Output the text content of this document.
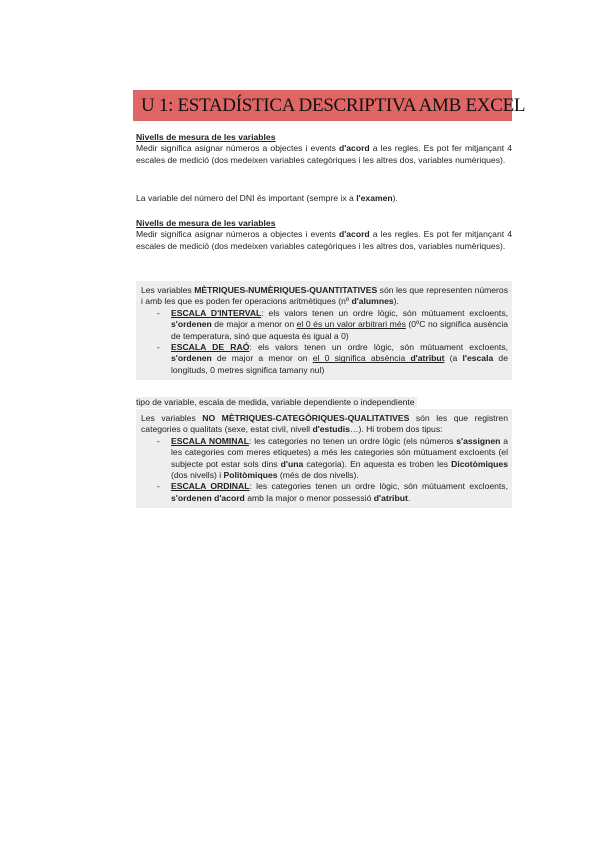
U 1: ESTADÍSTICA DESCRIPTIVA AMB EXCEL
Nivells de mesura de les variables
Medir significa asignar números a objectes i events d'acord a les regles. Es pot fer mitjançant 4 escales de medició (dos medeixen variables categòriques i les altres dos, variables numèriques).
La variable del número del DNI és important (sempre ix a l'examen).
Nivells de mesura de les variables
Medir significa asignar números a objectes i events d'acord a les regles. Es pot fer mitjançant 4 escales de medició (dos medeixen variables categòriques i les altres dos, variables numèriques).
Les variables MÈTRIQUES-NUMÈRIQUES-QUANTITATIVES són les que representen números i amb les que es poden fer operacions aritmètiques (nº d'alumnes).
- ESCALA D'INTERVAL: els valors tenen un ordre lògic, són mútuament excloents, s'ordenen de major a menor on el 0 és un valor arbitrari més (0ºC no significa ausència de temperatura, sinó que aquesta és igual a 0)
- ESCALA DE RAÓ: els valors tenen un ordre lògic, són mútuament excloents, s'ordenen de major a menor on el 0 significa absència d'atribut (a l'escala de longituds, 0 metres significa tamany nul)
tipo de variable, escala de medida, variable dependiente o independiente
Les variables NO MÈTRIQUES-CATEGÒRIQUES-QUALITATIVES són les que registren categories o qualitats (sexe, estat civil, nivell d'estudis…). Hi trobem dos tipus:
- ESCALA NOMINAL: les categories no tenen un ordre lògic (els números s'assignen a les categories com meres etiquetes) a més les categories són mútuament excloents (el subjecte pot estar sols dins d'una categoria). En aquesta es troben les Dicotòmiques (dos nivells) i Politòmiques (més de dos nivells).
- ESCALA ORDINAL: les categories tenen un ordre lògic, són mútuament excloents, s'ordenen d'acord amb la major o menor possessió d'atribut.
